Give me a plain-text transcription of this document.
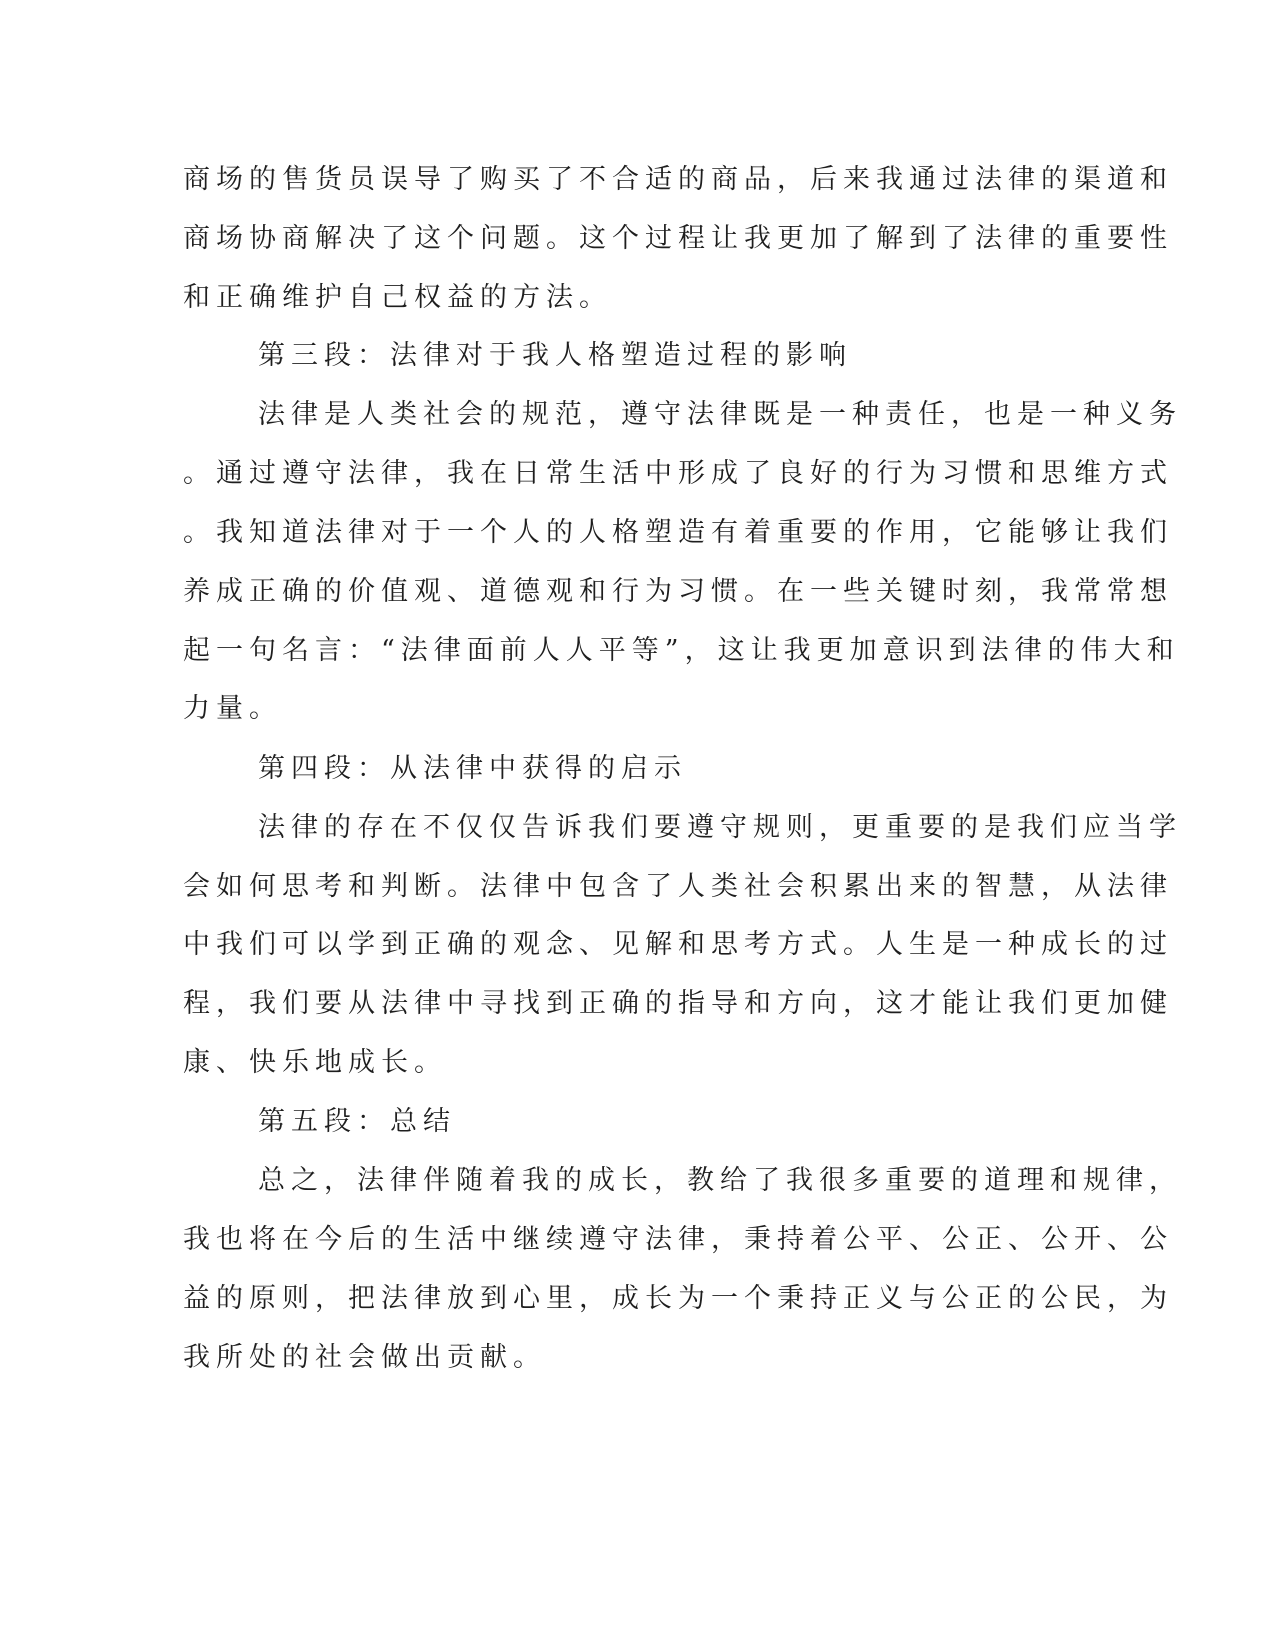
商场的售货员误导了购买了不合适的商品，后来我通过法律的渠道和
商场协商解决了这个问题。这个过程让我更加了解到了法律的重要性
和正确维护自己权益的方法。
第三段：法律对于我人格塑造过程的影响
法律是人类社会的规范，遵守法律既是一种责任，也是一种义务
。通过遵守法律，我在日常生活中形成了良好的行为习惯和思维方式
。我知道法律对于一个人的人格塑造有着重要的作用，它能够让我们
养成正确的价值观、道德观和行为习惯。在一些关键时刻，我常常想
起一句名言：“法律面前人人平等”，这让我更加意识到法律的伟大和
力量。
第四段：从法律中获得的启示
法律的存在不仅仅告诉我们要遵守规则，更重要的是我们应当学
会如何思考和判断。法律中包含了人类社会积累出来的智慧，从法律
中我们可以学到正确的观念、见解和思考方式。人生是一种成长的过
程，我们要从法律中寻找到正确的指导和方向，这才能让我们更加健
康、快乐地成长。
第五段：总结
总之，法律伴随着我的成长，教给了我很多重要的道理和规律，
我也将在今后的生活中继续遵守法律，秉持着公平、公正、公开、公
益的原则，把法律放到心里，成长为一个秉持正义与公正的公民，为
我所处的社会做出贡献。
